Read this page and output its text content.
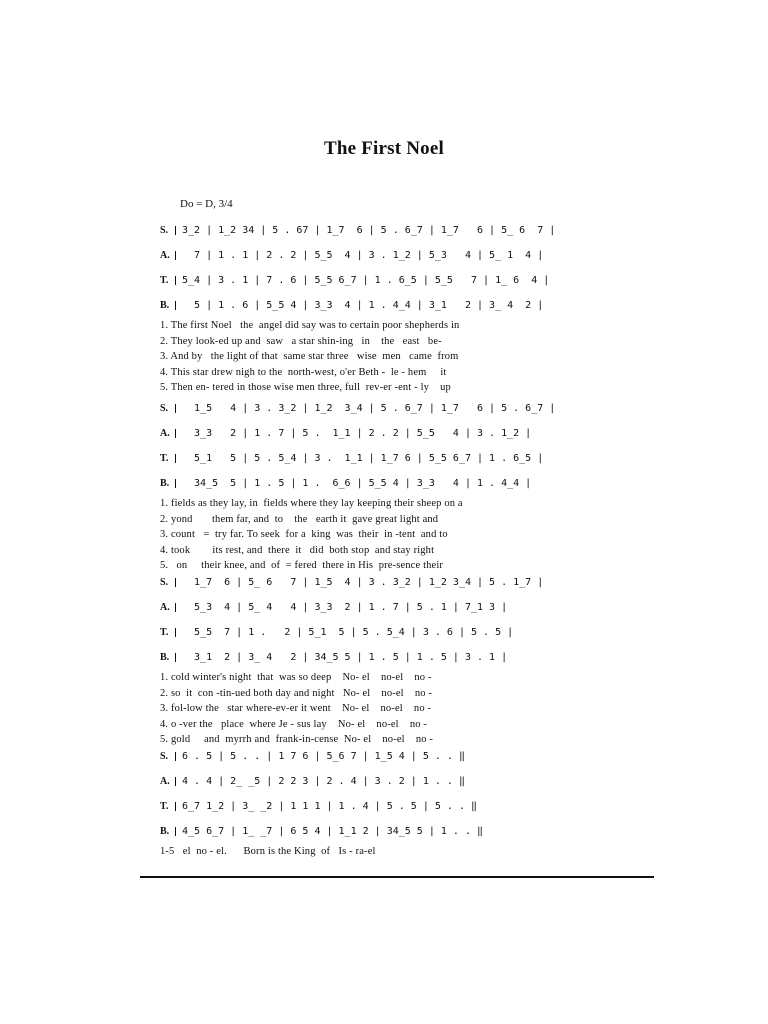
The First Noel
Do = D, 3/4

S.

	3_2 | 1_2 34 | 5 . 67 | 1_7  6 | 5 . 6_7 | 1_7   6 | 5_ 6  7 |

A.

	7 | 1 . 1 | 2 . 2 | 5_5  4 | 3 . 1_2 | 5_3   4 | 5_ 1  4 |

T.

	5_4 | 3 . 1 | 7 . 6 | 5_5 6_7 | 1 . 6_5 | 5_5   7 | 1_ 6  4 |

B.

	5 | 1 . 6 | 5_5 4 | 3_3  4 | 1 . 4_4 | 3_1   2 | 3_ 4  2 |

1. The first Noel   the  angel did say was to certain poor shepherds in
2. They look-ed up and  saw   a star shin-ing   in    the   east   be-
3. And by   the light of that  same star three   wise  men   came  from
4. This star drew nigh to the  north-west, o'er Beth -  le - hem     it
5. Then en- tered in those wise men three, full  rev-er -ent - ly    up

S.

	1_5   4 | 3 . 3_2 | 1_2  3_4 | 5 . 6_7 | 1_7   6 | 5 . 6_7 |

A.

	3_3   2 | 1 . 7 | 5 .  1_1 | 2 . 2 | 5_5   4 | 3 . 1_2 |

T.

	5_1   5 | 5 . 5_4 | 3 .  1_1 | 1_7 6 | 5_5 6_7 | 1 . 6_5 |

B.

	34_5  5 | 1 . 5 | 1 .  6_6 | 5_5 4 | 3_3   4 | 1 . 4_4 |

1. fields as they lay, in  fields where they lay keeping their sheep on a
2. yond       them far, and  to    the   earth it  gave great light and
3. count   =  try far. To seek  for a  king  was  their  in -tent  and to
4. took        its rest, and  there  it   did  both stop  and stay right
5.   on     their knee, and  of  = fered  there in His  pre-sence their

S.

	1_7  6 | 5_ 6   7 | 1_5  4 | 3 . 3_2 | 1_2 3_4 | 5 . 1_7 |

A.

	5_3  4 | 5_ 4   4 | 3_3  2 | 1 . 7 | 5 . 1 | 7_1 3 |

T.

	5_5  7 | 1 .   2 | 5_1  5 | 5 . 5_4 | 3 . 6 | 5 . 5 |

B.

	3_1  2 | 3_ 4   2 | 34_5 5 | 1 . 5 | 1 . 5 | 3 . 1 |

1. cold winter's night  that  was so deep    No- el    no-el    no -
2. so  it  con -tin-ued both day and night   No- el    no-el    no -
3. fol-low the   star where-ev-er it went    No- el    no-el    no -
4. o -ver the   place  where Je - sus lay    No- el    no-el    no -
5. gold     and  myrrh and  frank-in-cense  No- el    no-el    no -

S.

	6 . 5 | 5 . . | 1 7 6 | 5_6 7 | 1_5 4 | 5 . . ‖

A.

	4 . 4 | 2_ _5 | 2 2 3 | 2 . 4 | 3 . 2 | 1 . . ‖

T.

	6_7 1_2 | 3_ _2 | 1 1 1 | 1 . 4 | 5 . 5 | 5 . . ‖

B.

	4_5 6_7 | 1_ _7 | 6 5 4 | 1_1 2 | 34_5 5 | 1 . . ‖

1-5   el  no - el.      Born is the King  of   Is - ra-el
